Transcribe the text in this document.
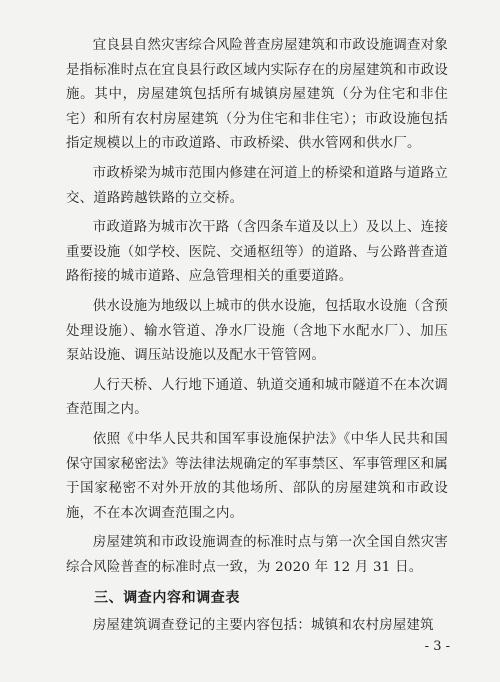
宜良县自然灾害综合风险普查房屋建筑和市政设施调查对象是指标准时点在宜良县行政区域内实际存在的房屋建筑和市政设施。其中，房屋建筑包括所有城镇房屋建筑（分为住宅和非住宅）和所有农村房屋建筑（分为住宅和非住宅）；市政设施包括指定规模以上的市政道路、市政桥梁、供水管网和供水厂。

市政桥梁为城市范围内修建在河道上的桥梁和道路与道路立交、道路跨越铁路的立交桥。

市政道路为城市次干路（含四条车道及以上）及以上、连接重要设施（如学校、医院、交通枢纽等）的道路、与公路普查道路衔接的城市道路、应急管理相关的重要道路。

供水设施为地级以上城市的供水设施，包括取水设施（含预处理设施）、输水管道、净水厂设施（含地下水配水厂）、加压泵站设施、调压站设施以及配水干管管网。

人行天桥、人行地下通道、轨道交通和城市隧道不在本次调查范围之内。

依照《中华人民共和国军事设施保护法》《中华人民共和国保守国家秘密法》等法律法规确定的军事禁区、军事管理区和属于国家秘密不对外开放的其他场所、部队的房屋建筑和市政设施，不在本次调查范围之内。

房屋建筑和市政设施调查的标准时点与第一次全国自然灾害综合风险普查的标准时点一致，为 2020 年 12 月 31 日。

三、调查内容和调查表

房屋建筑调查登记的主要内容包括：城镇和农村房屋建筑

- 3 -
